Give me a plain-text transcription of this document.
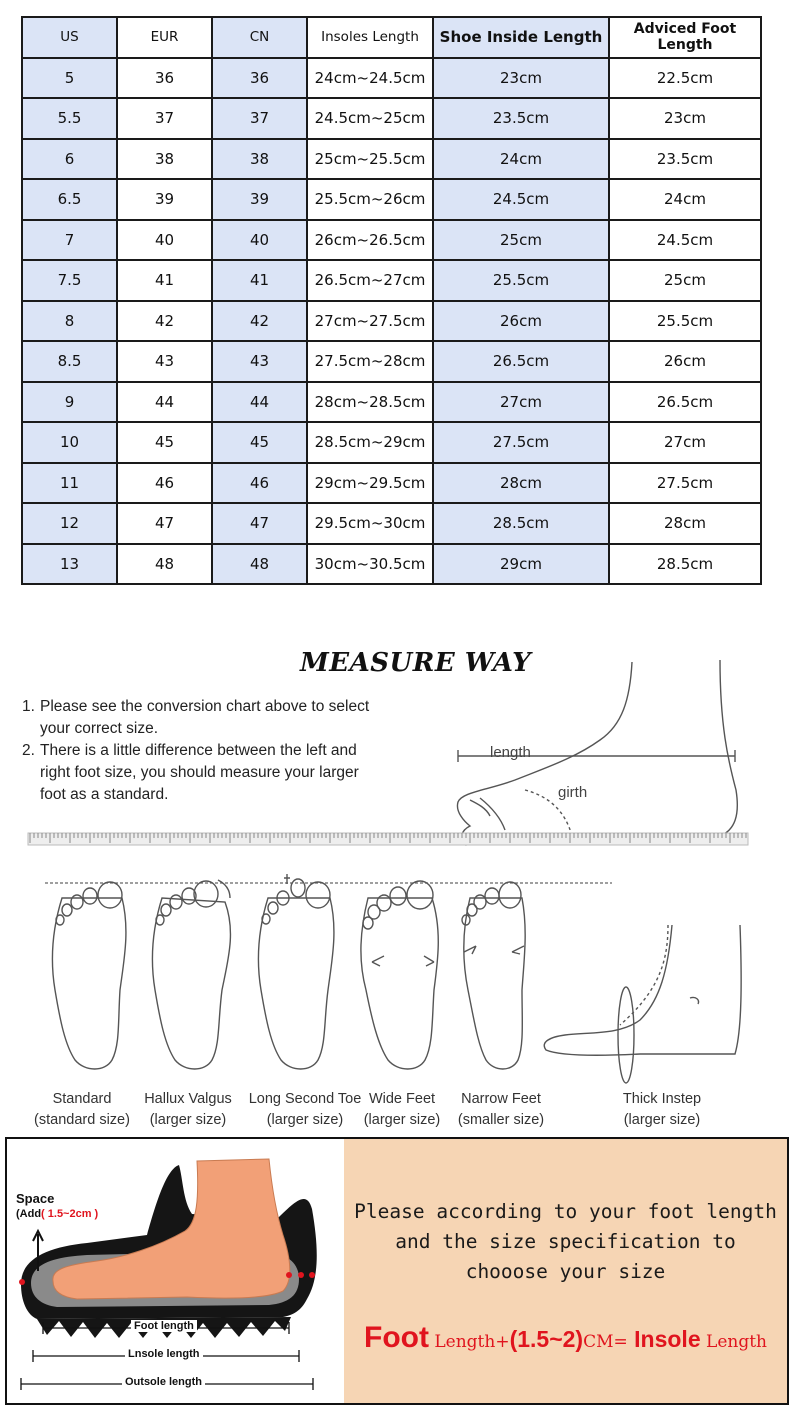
US	EUR	CN	Insoles Length	Shoe Inside Length	Adviced Foot Length
5	36	36	24cm~24.5cm	23cm	22.5cm
5.5	37	37	24.5cm~25cm	23.5cm	23cm
6	38	38	25cm~25.5cm	24cm	23.5cm
6.5	39	39	25.5cm~26cm	24.5cm	24cm
7	40	40	26cm~26.5cm	25cm	24.5cm
7.5	41	41	26.5cm~27cm	25.5cm	25cm
8	42	42	27cm~27.5cm	26cm	25.5cm
8.5	43	43	27.5cm~28cm	26.5cm	26cm
9	44	44	28cm~28.5cm	27cm	26.5cm
10	45	45	28.5cm~29cm	27.5cm	27cm
11	46	46	29cm~29.5cm	28cm	27.5cm
12	47	47	29.5cm~30cm	28.5cm	28cm
13	48	48	30cm~30.5cm	29cm	28.5cm
MEASURE WAY
1. Please see the conversion chart above to select your correct size.
2. There is a little difference between the left and right foot size, you should measure your larger foot as a standard.
length
girth
Standard
(standard size)
Hallux Valgus
(larger size)
Long Second Toe
(larger size)
Wide Feet
(larger size)
Narrow Feet
(smaller size)
Thick Instep
(larger size)
Space
(Add( 1.5~2cm )
Foot length
Lnsole length
Outsole length
Please according to your foot length
and the size specification to
chooose your size
Foot Length+(1.5~2)CM= Insole Length
